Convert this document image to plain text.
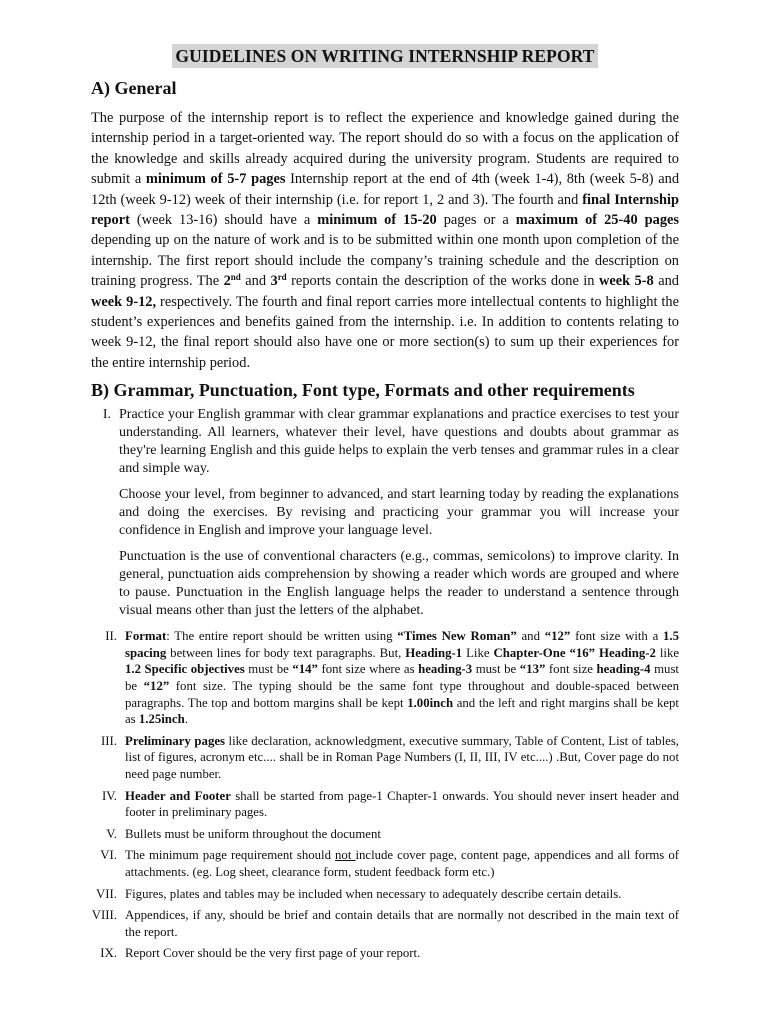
GUIDELINES ON WRITING INTERNSHIP REPORT
A) General

The purpose of the internship report is to reflect the experience and knowledge gained during the internship period in a target-oriented way. The report should do so with a focus on the application of the knowledge and skills already acquired during the university program. Students are required to submit a minimum of 5-7 pages Internship report at the end of 4th (week 1-4), 8th (week 5-8) and 12th (week 9-12) week of their internship (i.e. for report 1, 2 and 3). The fourth and final Internship report (week 13-16) should have a minimum of 15-20 pages or a maximum of 25-40 pages depending up on the nature of work and is to be submitted within one month upon completion of the internship. The first report should include the company’s training schedule and the description on training progress. The 2nd and 3rd reports contain the description of the works done in week 5-8 and week 9-12, respectively. The fourth and final report carries more intellectual contents to highlight the student’s experiences and benefits gained from the internship. i.e. In addition to contents relating to week 9-12, the final report should also have one or more section(s) to sum up their experiences for the entire internship period.

B) Grammar, Punctuation, Font type, Formats and other requirements
I. Practice your English grammar with clear grammar explanations and practice exercises to test your understanding. All learners, whatever their level, have questions and doubts about grammar as they're learning English and this guide helps to explain the verb tenses and grammar rules in a clear and simple way.

Choose your level, from beginner to advanced, and start learning today by reading the explanations and doing the exercises. By revising and practicing your grammar you will increase your confidence in English and improve your language level.

Punctuation is the use of conventional characters (e.g., commas, semicolons) to improve clarity. In general, punctuation aids comprehension by showing a reader which words are grouped and where to pause. Punctuation in the English language helps the reader to understand a sentence through visual means other than just the letters of the alphabet.

II. Format: The entire report should be written using “Times New Roman” and “12” font size with a 1.5 spacing between lines for body text paragraphs. But, Heading-1 Like Chapter-One “16” Heading-2 like 1.2 Specific objectives must be “14” font size where as heading-3 must be “13” font size heading-4 must be “12” font size. The typing should be the same font type throughout and double-spaced between paragraphs. The top and bottom margins shall be kept 1.00inch and the left and right margins shall be kept as 1.25inch.

III. Preliminary pages like declaration, acknowledgment, executive summary, Table of Content, List of tables, list of figures, acronym etc.... shall be in Roman Page Numbers (I, II, III, IV etc....) .But, Cover page do not need page number.

IV. Header and Footer shall be started from page-1 Chapter-1 onwards. You should never insert header and footer in preliminary pages.

V. Bullets must be uniform throughout the document

VI. The minimum page requirement should not include cover page, content page, appendices and all forms of attachments. (eg. Log sheet, clearance form, student feedback form etc.)

VII. Figures, plates and tables may be included when necessary to adequately describe certain details.

VIII. Appendices, if any, should be brief and contain details that are normally not described in the main text of the report.

IX. Report Cover should be the very first page of your report.
